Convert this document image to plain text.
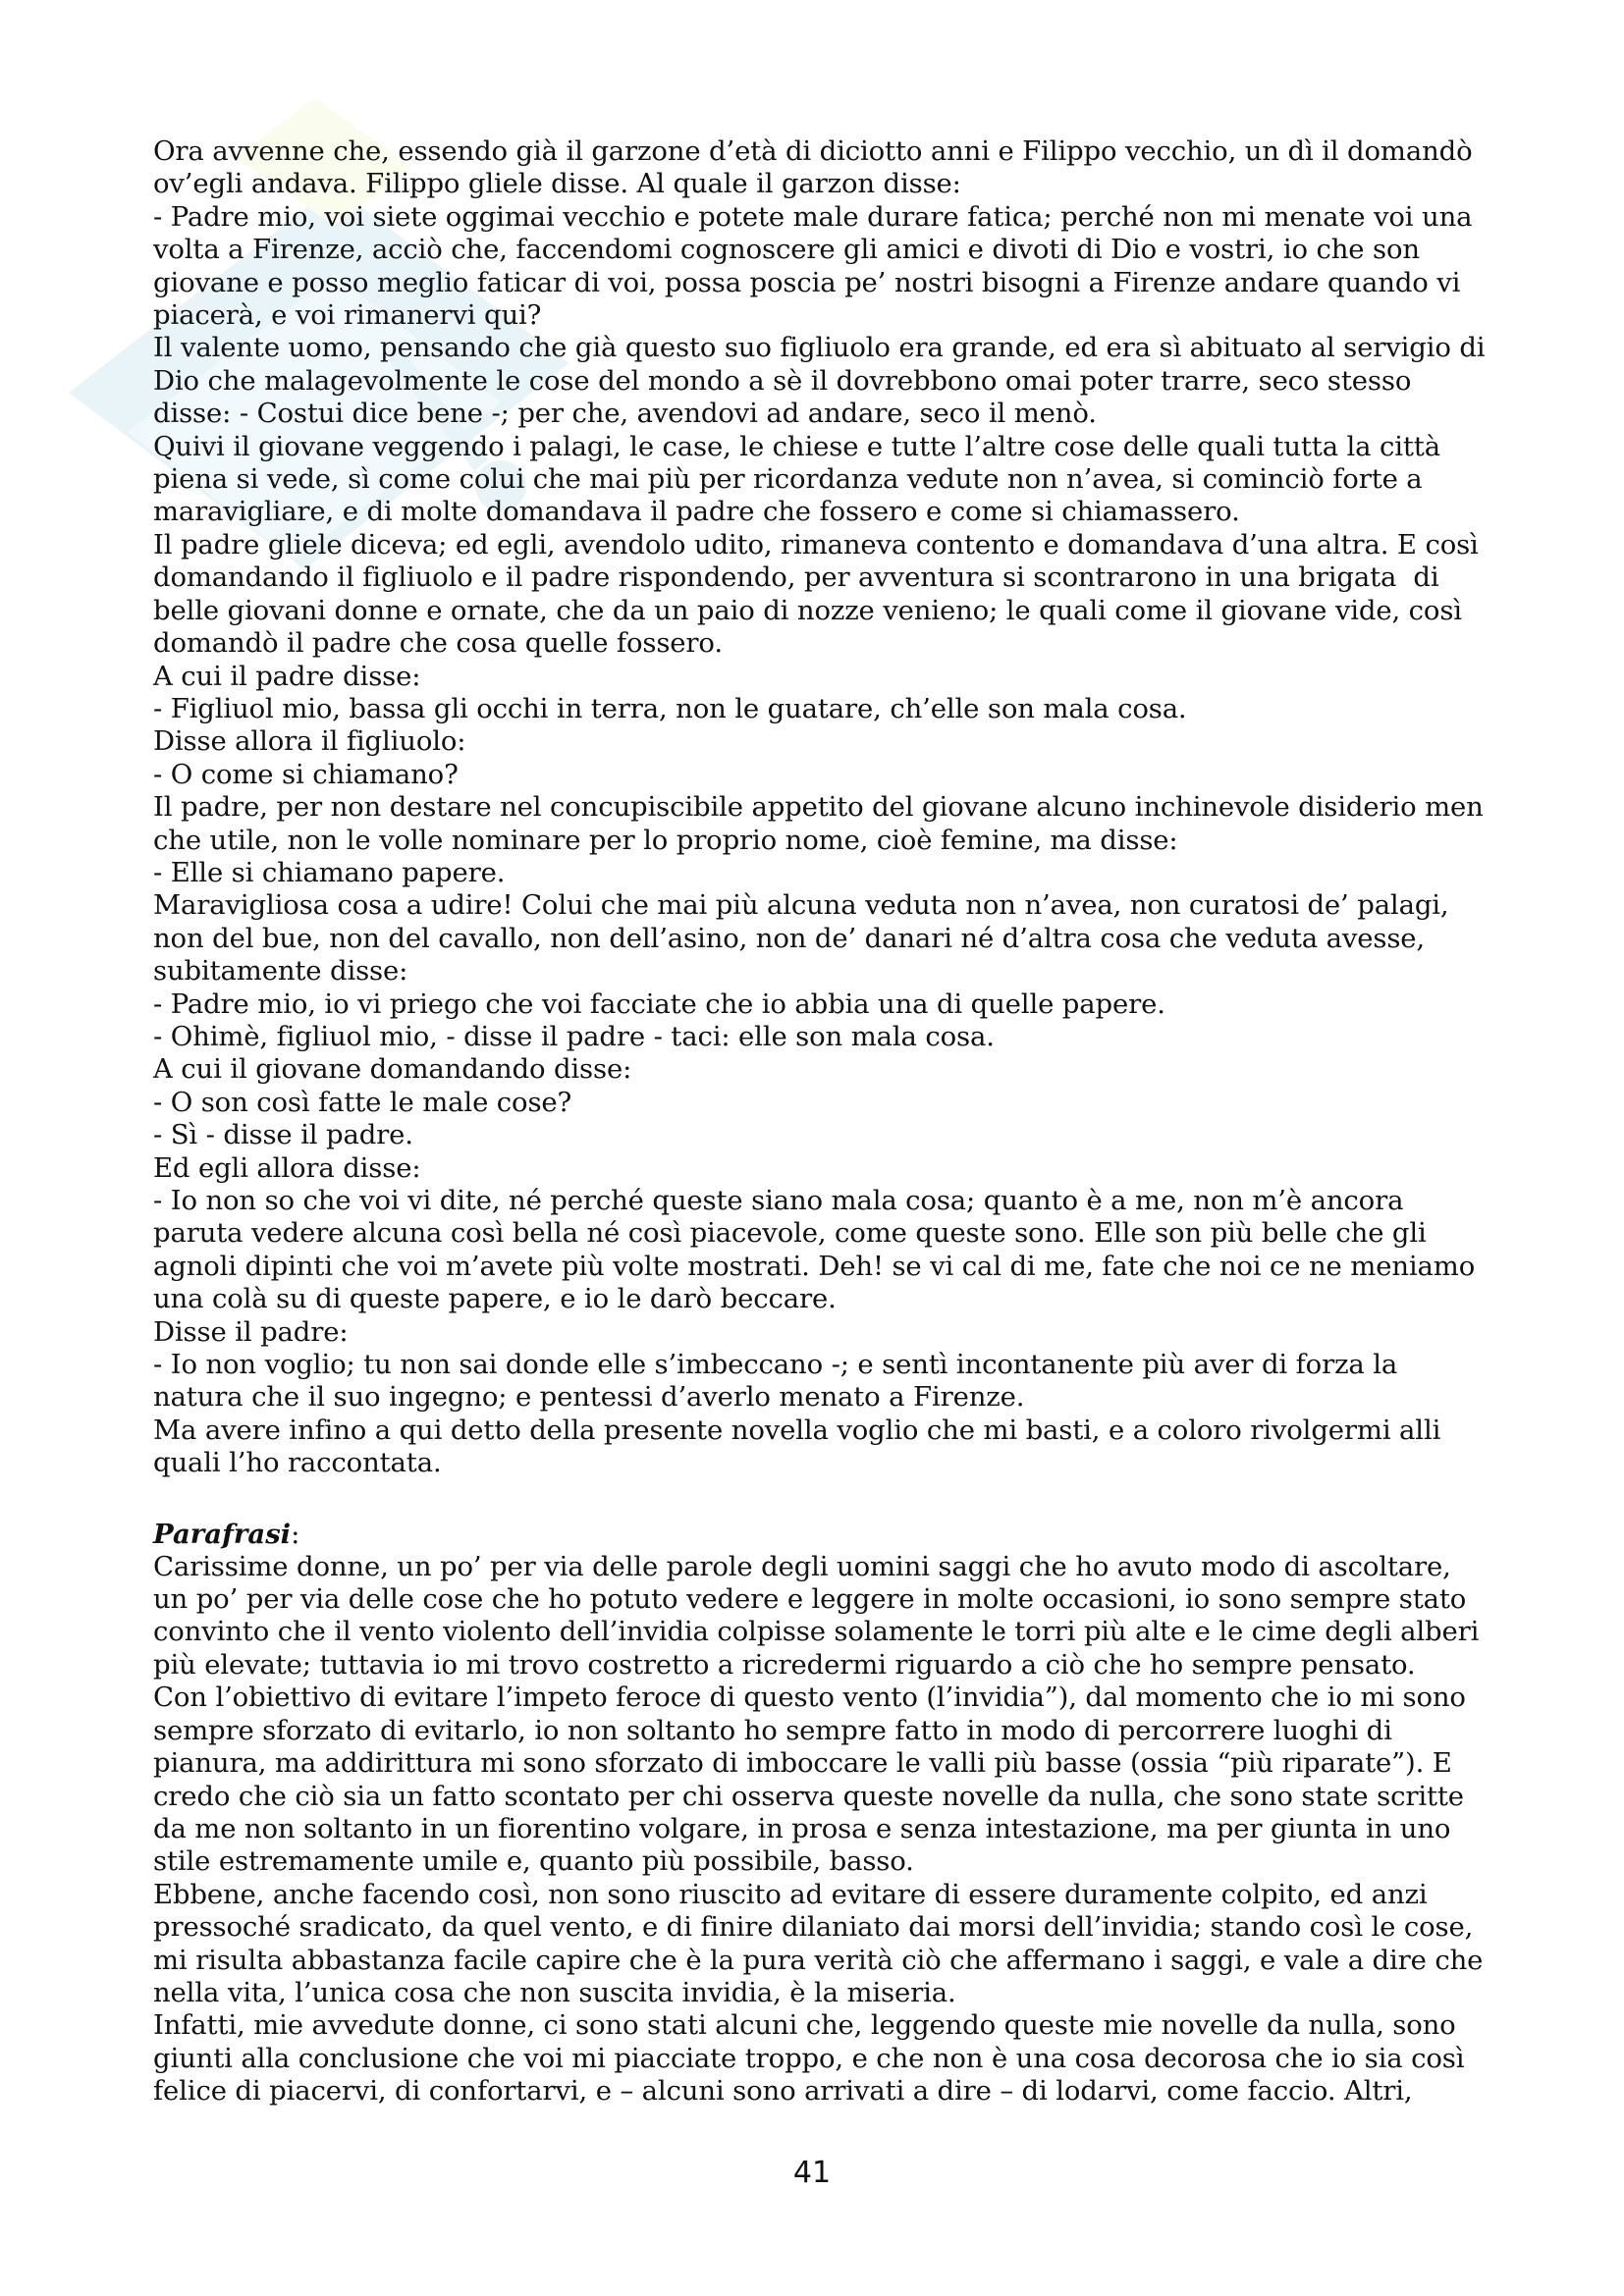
Ora avvenne che, essendo già il garzone d’età di diciotto anni e Filippo vecchio, un dì il domandò ov’egli andava. Filippo gliele disse. Al quale il garzon disse:

- Padre mio, voi siete oggimai vecchio e potete male durare fatica; perché non mi menate voi una volta a Firenze, acciò che, faccendomi cognoscere gli amici e divoti di Dio e vostri, io che son giovane e posso meglio faticar di voi, possa poscia pe’ nostri bisogni a Firenze andare quando vi piacerà, e voi rimanervi qui?

Il valente uomo, pensando che già questo suo figliuolo era grande, ed era sì abituato al servigio di Dio che malagevolmente le cose del mondo a sè il dovrebbono omai poter trarre, seco stesso disse: - Costui dice bene -; per che, avendovi ad andare, seco il menò.

Quivi il giovane veggendo i palagi, le case, le chiese e tutte l’altre cose delle quali tutta la città piena si vede, sì come colui che mai più per ricordanza vedute non n’avea, si cominciò forte a maravigliare, e di molte domandava il padre che fossero e come si chiamassero.

Il padre gliele diceva; ed egli, avendolo udito, rimaneva contento e domandava d’una altra. E così domandando il figliuolo e il padre rispondendo, per avventura si scontrarono in una brigata  di belle giovani donne e ornate, che da un paio di nozze venieno; le quali come il giovane vide, così domandò il padre che cosa quelle fossero.

A cui il padre disse:

- Figliuol mio, bassa gli occhi in terra, non le guatare, ch’elle son mala cosa.

Disse allora il figliuolo:

- O come si chiamano?

Il padre, per non destare nel concupiscibile appetito del giovane alcuno inchinevole disiderio men che utile, non le volle nominare per lo proprio nome, cioè femine, ma disse:

- Elle si chiamano papere.

Maravigliosa cosa a udire! Colui che mai più alcuna veduta non n’avea, non curatosi de’ palagi, non del bue, non del cavallo, non dell’asino, non de’ danari né d’altra cosa che veduta avesse, subitamente disse:

- Padre mio, io vi priego che voi facciate che io abbia una di quelle papere.

- Ohimè, figliuol mio, - disse il padre - taci: elle son mala cosa.

A cui il giovane domandando disse:

- O son così fatte le male cose?

- Sì - disse il padre.

Ed egli allora disse:

- Io non so che voi vi dite, né perché queste siano mala cosa; quanto è a me, non m’è ancora paruta vedere alcuna così bella né così piacevole, come queste sono. Elle son più belle che gli agnoli dipinti che voi m’avete più volte mostrati. Deh! se vi cal di me, fate che noi ce ne meniamo una colà su di queste papere, e io le darò beccare.

Disse il padre:

- Io non voglio; tu non sai donde elle s’imbeccano -; e sentì incontanente più aver di forza la natura che il suo ingegno; e pentessi d’averlo menato a Firenze.

Ma avere infino a qui detto della presente novella voglio che mi basti, e a coloro rivolgermi alli quali l’ho raccontata.

Parafrasi:

Carissime donne, un po’ per via delle parole degli uomini saggi che ho avuto modo di ascoltare, un po’ per via delle cose che ho potuto vedere e leggere in molte occasioni, io sono sempre stato convinto che il vento violento dell’invidia colpisse solamente le torri più alte e le cime degli alberi più elevate; tuttavia io mi trovo costretto a ricredermi riguardo a ciò che ho sempre pensato.

Con l’obiettivo di evitare l’impeto feroce di questo vento (l’invidia”), dal momento che io mi sono sempre sforzato di evitarlo, io non soltanto ho sempre fatto in modo di percorrere luoghi di pianura, ma addirittura mi sono sforzato di imboccare le valli più basse (ossia “più riparate”). E credo che ciò sia un fatto scontato per chi osserva queste novelle da nulla, che sono state scritte da me non soltanto in un fiorentino volgare, in prosa e senza intestazione, ma per giunta in uno stile estremamente umile e, quanto più possibile, basso.

Ebbene, anche facendo così, non sono riuscito ad evitare di essere duramente colpito, ed anzi pressoché sradicato, da quel vento, e di finire dilaniato dai morsi dell’invidia; stando così le cose, mi risulta abbastanza facile capire che è la pura verità ciò che affermano i saggi, e vale a dire che nella vita, l’unica cosa che non suscita invidia, è la miseria.

Infatti, mie avvedute donne, ci sono stati alcuni che, leggendo queste mie novelle da nulla, sono giunti alla conclusione che voi mi piacciate troppo, e che non è una cosa decorosa che io sia così felice di piacervi, di confortarvi, e – alcuni sono arrivati a dire – di lodarvi, come faccio. Altri,

41
